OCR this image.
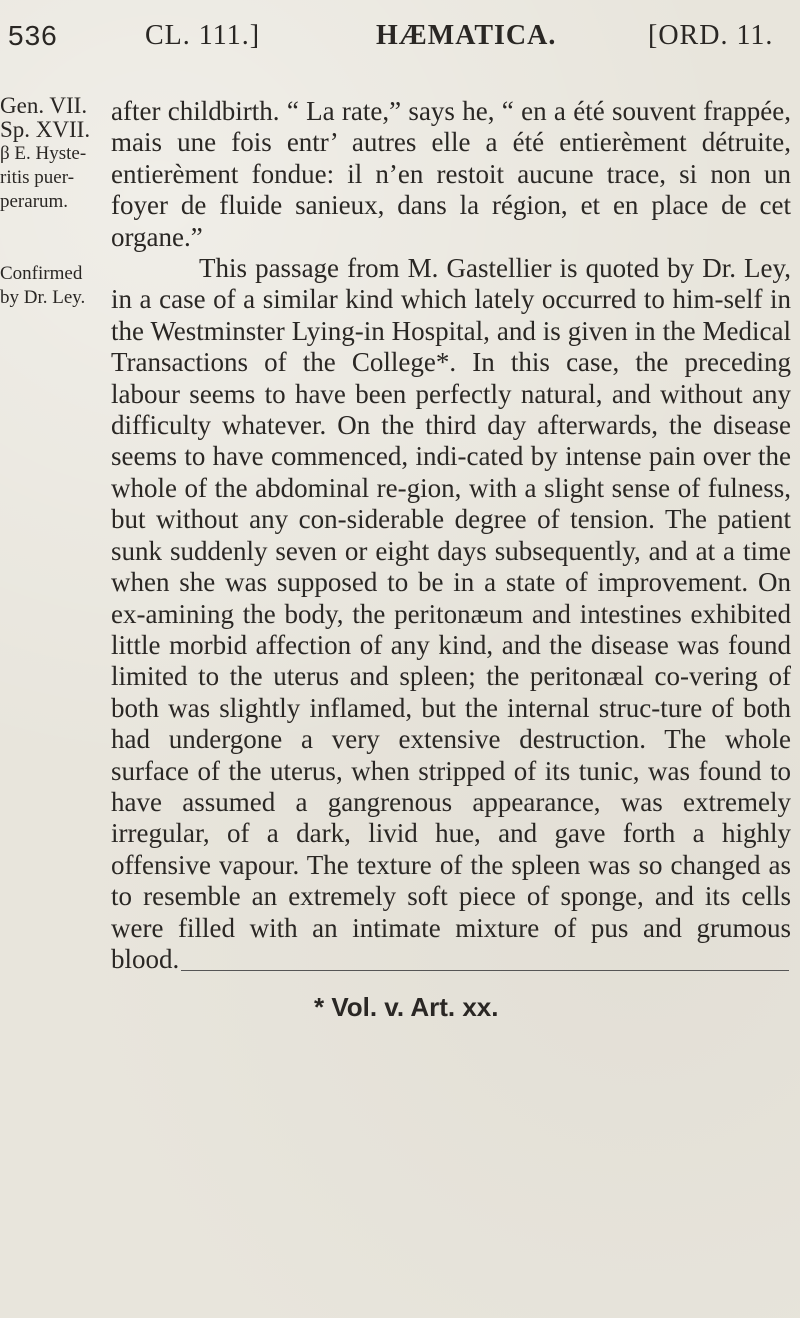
536	CL. 111.]	HÆMATICA.	[ORD. 11.
Gen. VII.
Sp. XVII.
β E. Hyste-
ritis puer-
perarum.
Confirmed
by Dr. Ley.

after childbirth. “ La rate,” says he, “ en a été souvent frappée, mais une fois entr’ autres elle a été entierèment détruite, entierèment fondue: il n’en restoit aucune trace, si non un foyer de fluide sanieux, dans la région, et en place de cet organe.”

This passage from M. Gastellier is quoted by Dr. Ley, in a case of a similar kind which lately occurred to him-self in the Westminster Lying-in Hospital, and is given in the Medical Transactions of the College*. In this case, the preceding labour seems to have been perfectly natural, and without any difficulty whatever. On the third day afterwards, the disease seems to have commenced, indi-cated by intense pain over the whole of the abdominal re-gion, with a slight sense of fulness, but without any con-siderable degree of tension. The patient sunk suddenly seven or eight days subsequently, and at a time when she was supposed to be in a state of improvement. On ex-amining the body, the peritonæum and intestines exhibited little morbid affection of any kind, and the disease was found limited to the uterus and spleen; the peritonæal co-vering of both was slightly inflamed, but the internal struc-ture of both had undergone a very extensive destruction. The whole surface of the uterus, when stripped of its tunic, was found to have assumed a gangrenous appearance, was extremely irregular, of a dark, livid hue, and gave forth a highly offensive vapour. The texture of the spleen was so changed as to resemble an extremely soft piece of sponge, and its cells were filled with an intimate mixture of pus and grumous blood.

* Vol. v. Art. xx.
